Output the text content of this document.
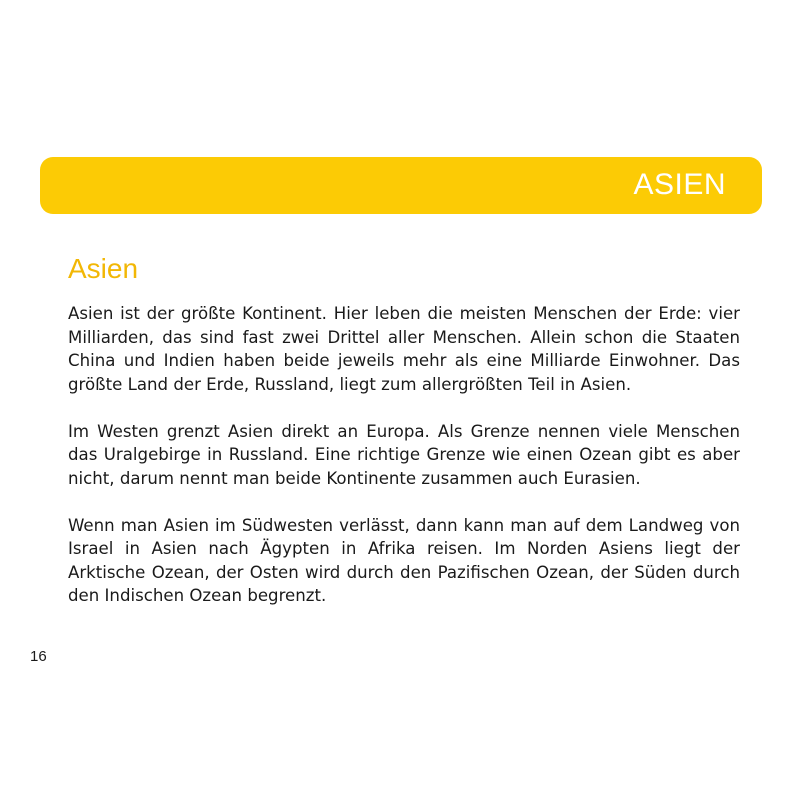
ASIEN
Asien

Asien ist der größte Kontinent. Hier leben die meisten Menschen der Erde: vier Milliarden, das sind fast zwei Drittel aller Menschen. Allein schon die Staaten China und Indien haben beide jeweils mehr als eine Milliarde Einwohner. Das größte Land der Erde, Russland, liegt zum allergrößten Teil in Asien.

Im Westen grenzt Asien direkt an Europa. Als Grenze nennen viele Menschen das Uralgebirge in Russland. Eine richtige Grenze wie einen Ozean gibt es aber nicht, darum nennt man beide Kontinente zusammen auch Eurasien.

Wenn man Asien im Südwesten verlässt, dann kann man auf dem Landweg von Israel in Asien nach Ägypten in Afrika reisen. Im Norden Asiens liegt der Arktische Ozean, der Osten wird durch den Pazifischen Ozean, der Süden durch den Indischen Ozean begrenzt.

16
